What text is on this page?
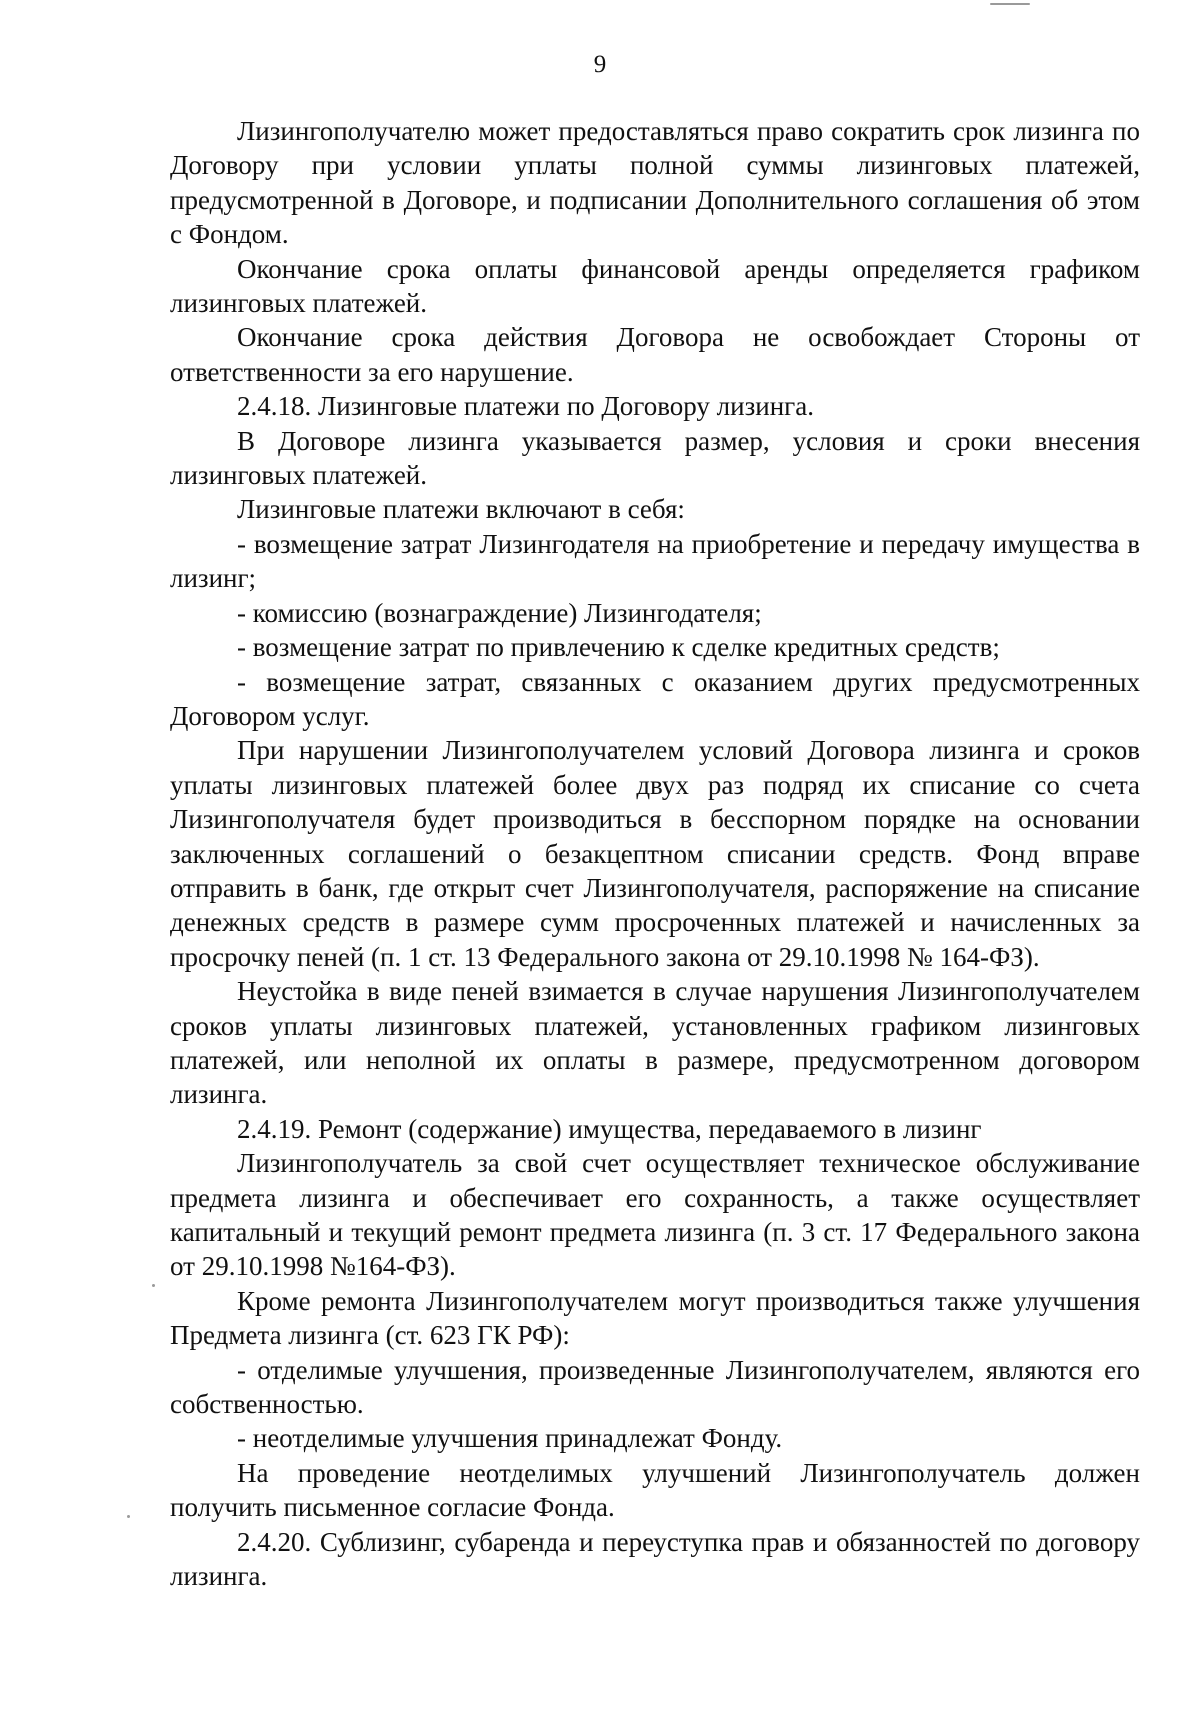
9

Лизингополучателю может предоставляться право сократить срок лизинга по Договору при условии уплаты полной суммы лизинговых платежей, предусмотренной в Договоре, и подписании Дополнительного соглашения об этом с Фондом.

Окончание срока оплаты финансовой аренды определяется графиком лизинговых платежей.

Окончание срока действия Договора не освобождает Стороны от ответственности за его нарушение.

2.4.18. Лизинговые платежи по Договору лизинга.

В Договоре лизинга указывается размер, условия и сроки внесения лизинговых платежей.

Лизинговые платежи включают в себя:

- возмещение затрат Лизингодателя на приобретение и передачу имущества в лизинг;

- комиссию (вознаграждение) Лизингодателя;

- возмещение затрат по привлечению к сделке кредитных средств;

- возмещение затрат, связанных с оказанием других предусмотренных Договором услуг.

При нарушении Лизингополучателем условий Договора лизинга и сроков уплаты лизинговых платежей более двух раз подряд их списание со счета Лизингополучателя будет производиться в бесспорном порядке на основании заключенных соглашений о безакцептном списании средств. Фонд вправе отправить в банк, где открыт счет Лизингополучателя, распоряжение на списание денежных средств в размере сумм просроченных платежей и начисленных за просрочку пеней (п. 1 ст. 13 Федерального закона от 29.10.1998 № 164-ФЗ).

Неустойка в виде пеней взимается в случае нарушения Лизингополучателем сроков уплаты лизинговых платежей, установленных графиком лизинговых платежей, или неполной их оплаты в размере, предусмотренном договором лизинга.

2.4.19. Ремонт (содержание) имущества, передаваемого в лизинг

Лизингополучатель за свой счет осуществляет техническое обслуживание предмета лизинга и обеспечивает его сохранность, а также осуществляет капитальный и текущий ремонт предмета лизинга (п. 3 ст. 17 Федерального закона от 29.10.1998 №164-ФЗ).

Кроме ремонта Лизингополучателем могут производиться также улучшения Предмета лизинга (ст. 623 ГК РФ):

- отделимые улучшения, произведенные Лизингополучателем, являются его собственностью.

- неотделимые улучшения принадлежат Фонду.

На проведение неотделимых улучшений Лизингополучатель должен получить письменное согласие Фонда.

2.4.20. Сублизинг, субаренда и переуступка прав и обязанностей по договору лизинга.
